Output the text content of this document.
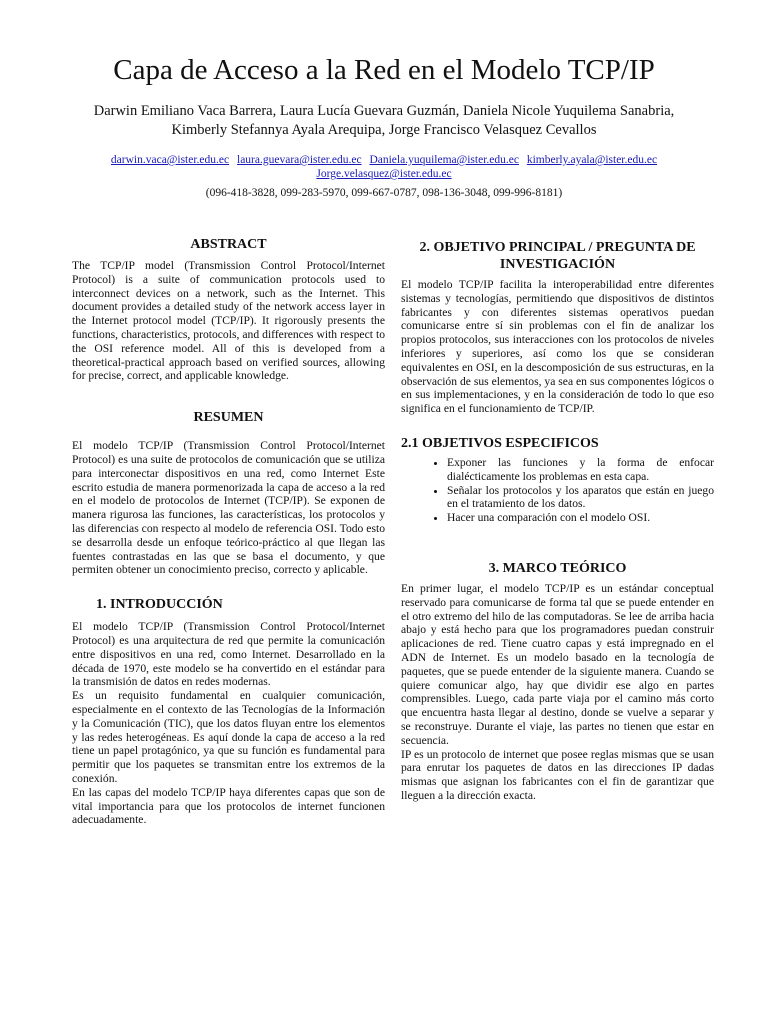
Capa de Acceso a la Red en el Modelo TCP/IP
Darwin Emiliano Vaca Barrera, Laura Lucía Guevara Guzmán, Daniela Nicole Yuquilema Sanabria,
Kimberly Stefannya Ayala Arequipa, Jorge Francisco Velasquez Cevallos
darwin.vaca@ister.edu.ec laura.guevara@ister.edu.ec Daniela.yuquilema@ister.edu.ec kimberly.ayala@ister.edu.ec
Jorge.velasquez@ister.edu.ec
(096-418-3828, 099-283-5970, 099-667-0787, 098-136-3048, 099-996-8181)
ABSTRACT

The TCP/IP model (Transmission Control Protocol/Internet Protocol) is a suite of communication protocols used to interconnect devices on a network, such as the Internet. This document provides a detailed study of the network access layer in the Internet protocol model (TCP/IP). It rigorously presents the functions, characteristics, protocols, and differences with respect to the OSI reference model. All of this is developed from a theoretical-practical approach based on verified sources, allowing for precise, correct, and applicable knowledge.

RESUMEN

El modelo TCP/IP (Transmission Control Protocol/Internet Protocol) es una suite de protocolos de comunicación que se utiliza para interconectar dispositivos en una red, como Internet Este escrito estudia de manera pormenorizada la capa de acceso a la red en el modelo de protocolos de Internet (TCP/IP). Se exponen de manera rigurosa las funciones, las características, los protocolos y las diferencias con respecto al modelo de referencia OSI. Todo esto se desarrolla desde un enfoque teórico-práctico al que llegan las fuentes contrastadas en las que se basa el documento, y que permiten obtener un conocimiento preciso, correcto y aplicable.

1. INTRODUCCIÓN

El modelo TCP/IP (Transmission Control Protocol/Internet Protocol) es una arquitectura de red que permite la comunicación entre dispositivos en una red, como Internet. Desarrollado en la década de 1970, este modelo se ha convertido en el estándar para la transmisión de datos en redes modernas.

Es un requisito fundamental en cualquier comunicación, especialmente en el contexto de las Tecnologías de la Información y la Comunicación (TIC), que los datos fluyan entre los elementos y las redes heterogéneas. Es aquí donde la capa de acceso a la red tiene un papel protagónico, ya que su función es fundamental para permitir que los paquetes se transmitan entre los extremos de la conexión.

En las capas del modelo TCP/IP haya diferentes capas que son de vital importancia para que los protocolos de internet funcionen adecuadamente.

2. OBJETIVO PRINCIPAL / PREGUNTA DE INVESTIGACIÓN

El modelo TCP/IP facilita la interoperabilidad entre diferentes sistemas y tecnologías, permitiendo que dispositivos de distintos fabricantes y con diferentes sistemas operativos puedan comunicarse entre sí sin problemas con el fin de analizar los propios protocolos, sus interacciones con los protocolos de niveles inferiores y superiores, así como los que se consideran equivalentes en OSI, en la descomposición de sus estructuras, en la observación de sus elementos, ya sea en sus componentes lógicos o en sus implementaciones, y en la consideración de todo lo que eso significa en el funcionamiento de TCP/IP.

2.1 OBJETIVOS ESPECIFICOS
• Exponer las funciones y la forma de enfocar dialécticamente los problemas en esta capa.
• Señalar los protocolos y los aparatos que están en juego en el tratamiento de los datos.
• Hacer una comparación con el modelo OSI.
3. MARCO TEÓRICO

En primer lugar, el modelo TCP/IP es un estándar conceptual reservado para comunicarse de forma tal que se puede entender en el otro extremo del hilo de las computadoras. Se lee de arriba hacia abajo y está hecho para que los programadores puedan construir aplicaciones de red. Tiene cuatro capas y está impregnado en el ADN de Internet. Es un modelo basado en la tecnología de paquetes, que se puede entender de la siguiente manera. Cuando se quiere comunicar algo, hay que dividir ese algo en partes comprensibles. Luego, cada parte viaja por el camino más corto que encuentra hasta llegar al destino, donde se vuelve a separar y se reconstruye. Durante el viaje, las partes no tienen que estar en secuencia.

IP es un protocolo de internet que posee reglas mismas que se usan para enrutar los paquetes de datos en las direcciones IP dadas mismas que asignan los fabricantes con el fin de garantizar que lleguen a la dirección exacta.
